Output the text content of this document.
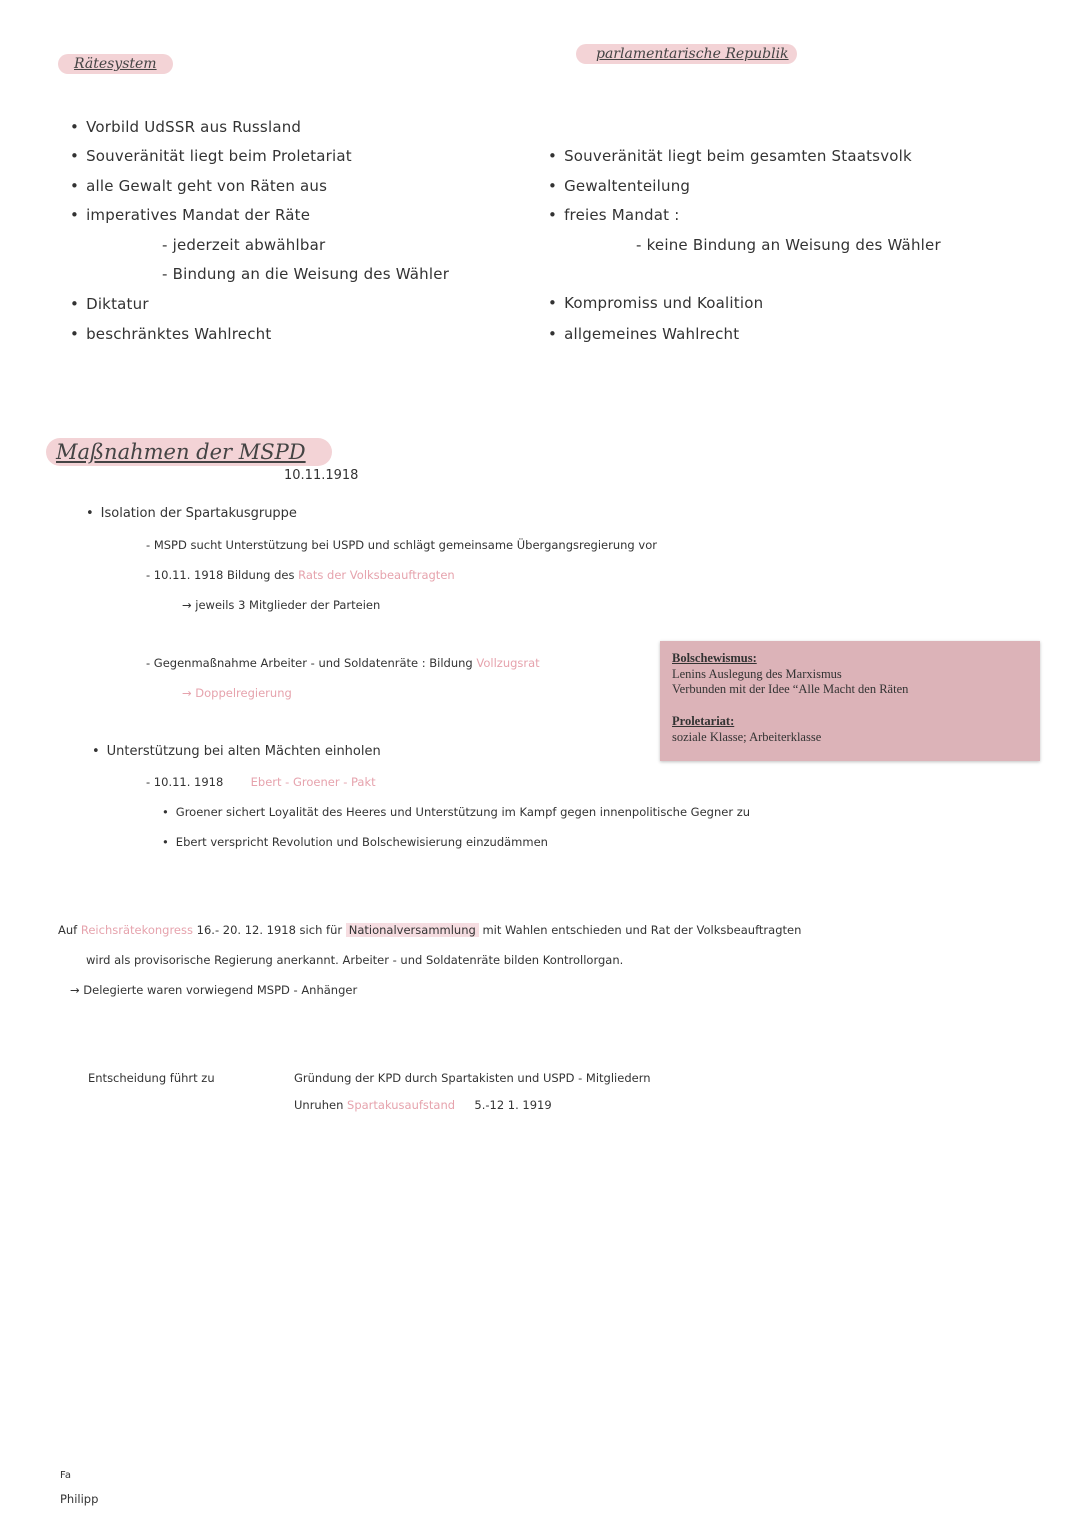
Rätesystem
parlamentarische Republik
• Vorbild UdSSR aus Russland
• Souveränität liegt beim Proletariat
• alle Gewalt geht von Räten aus
• imperatives Mandat der Räte
- jederzeit abwählbar
- Bindung an die Weisung des Wähler
• Diktatur
• beschränktes Wahlrecht
• Souveränität liegt beim gesamten Staatsvolk
• Gewaltenteilung
• freies Mandat :
- keine Bindung an Weisung des Wähler
• Kompromiss und Koalition
• allgemeines Wahlrecht
Maßnahmen der MSPD
10.11.1918
• Isolation der Spartakusgruppe
- MSPD sucht Unterstützung bei USPD und schlägt gemeinsame Übergangsregierung vor
- 10.11. 1918 Bildung des Rats der Volksbeauftragten
→ jeweils 3 Mitglieder der Parteien
- Gegenmaßnahme Arbeiter - und Soldatenräte : Bildung Vollzugsrat
→ Doppelregierung
Bolschewismus:
Lenins Auslegung des Marxismus
Verbunden mit der Idee “Alle Macht den Räten
Proletariat:
soziale Klasse; Arbeiterklasse
• Unterstützung bei alten Mächten einholen
- 10.11. 1918 Ebert - Groener - Pakt
• Groener sichert Loyalität des Heeres und Unterstützung im Kampf gegen innenpolitische Gegner zu
• Ebert verspricht Revolution und Bolschewisierung einzudämmen
Auf Reichsrätekongress 16.- 20. 12. 1918 sich für Nationalversammlung mit Wahlen entschieden und Rat der Volksbeauftragten
wird als provisorische Regierung anerkannt. Arbeiter - und Soldatenräte bilden Kontrollorgan.
→ Delegierte waren vorwiegend MSPD - Anhänger
Entscheidung führt zu	Gründung der KPD durch Spartakisten und USPD - Mitgliedern
Unruhen Spartakusaufstand 5.-12 1. 1919
Fa
Philipp
